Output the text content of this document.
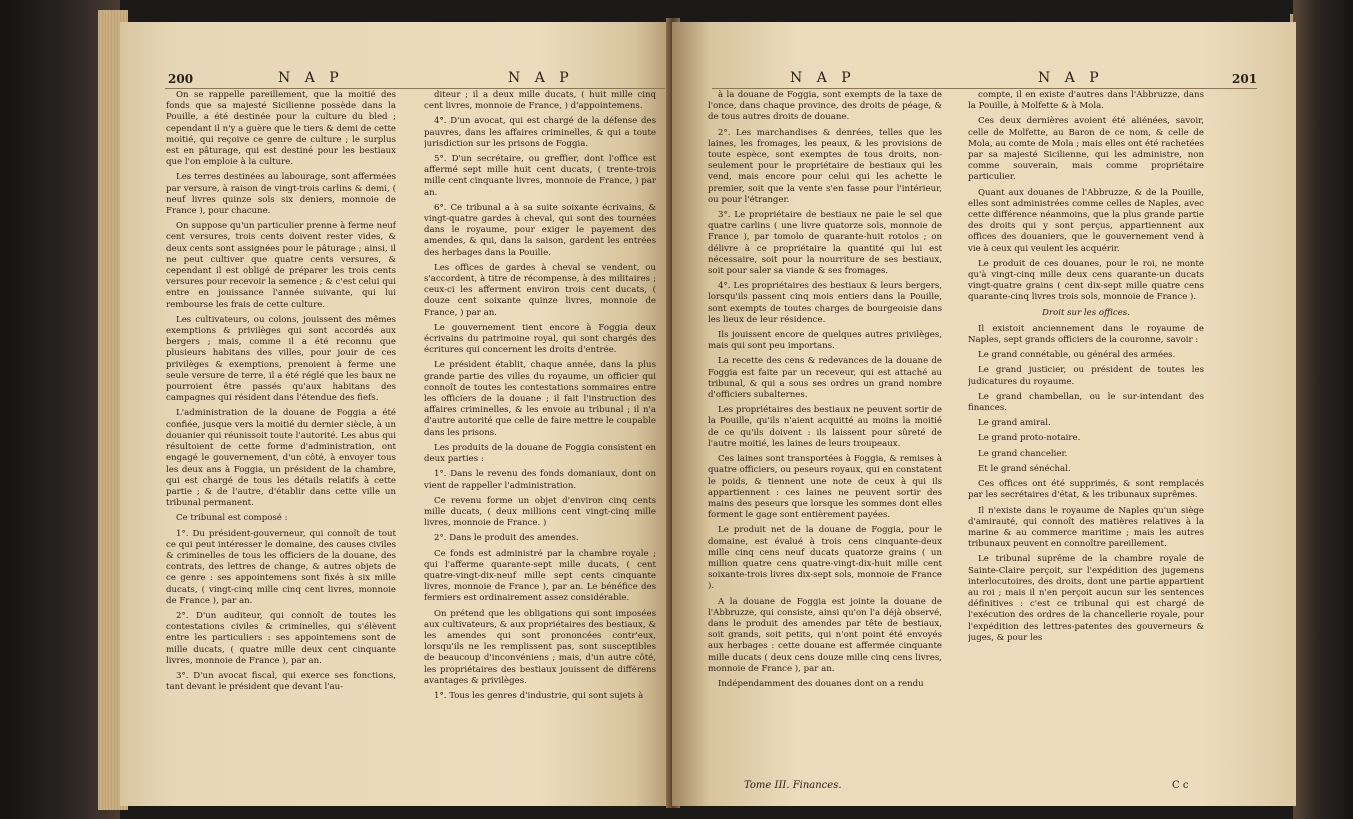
200	N A P	N A P

On se rappelle pareillement, que la moitié des fonds que sa majesté Sicilienne possède dans la Pouille, a été destinée pour la culture du bled ; cependant il n'y a guère que le tiers & demi de cette moitié, qui reçoive ce genre de culture ; le surplus est en pâturage, qui est destiné pour les bestiaux que l'on emploie à la culture.

Les terres destinées au labourage, sont affermées par versure, à raison de vingt-trois carlins & demi, ( neuf livres quinze sols six deniers, monnoie de France ), pour chacune.

On suppose qu'un particulier prenne à ferme neuf cent versures, trois cents doivent rester vides, & deux cents sont assignées pour le pâturage ; ainsi, il ne peut cultiver que quatre cents versures, & cependant il est obligé de préparer les trois cents versures pour recevoir la semence ; & c'est celui qui entre en jouissance l'année suivante, qui lui rembourse les frais de cette culture.

Les cultivateurs, ou colons, jouissent des mêmes exemptions & privilèges qui sont accordés aux bergers ; mais, comme il a été reconnu que plusieurs habitans des villes, pour jouir de ces privilèges & exemptions, prenoient à ferme une seule versure de terre, il a été réglé que les baux ne pourroient être passés qu'aux habitans des campagnes qui résident dans l'étendue des fiefs.

L'administration de la douane de Foggia a été confiée, jusque vers la moitié du dernier siècle, à un douanier qui réunissoit toute l'autorité. Les abus qui résultoient de cette forme d'administration, ont engagé le gouvernement, d'un côté, à envoyer tous les deux ans à Foggia, un président de la chambre, qui est chargé de tous les détails relatifs à cette partie ; & de l'autre, d'établir dans cette ville un tribunal permanent.

Ce tribunal est composé :

1°. Du président-gouverneur, qui connoît de tout ce qui peut intéresser le domaine, des causes civiles & criminelles de tous les officiers de la douane, des contrats, des lettres de change, & autres objets de ce genre : ses appointemens sont fixés à six mille ducats, ( vingt-cinq mille cinq cent livres, monnoie de France ), par an.

2°. D'un auditeur, qui connoît de toutes les contestations civiles & criminelles, qui s'élèvent entre les particuliers : ses appointemens sont de mille ducats, ( quatre mille deux cent cinquante livres, monnoie de France ), par an.

3°. D'un avocat fiscal, qui exerce ses fonctions, tant devant le président que devant l'au-

diteur ; il a deux mille ducats, ( huit mille cinq cent livres, monnoie de France, ) d'appointemens.

4°. D'un avocat, qui est chargé de la défense des pauvres, dans les affaires criminelles, & qui a toute jurisdiction sur les prisons de Foggia.

5°. D'un secrétaire, ou greffier, dont l'office est affermé sept mille huit cent ducats, ( trente-trois mille cent cinquante livres, monnoie de France, ) par an.

6°. Ce tribunal a à sa suite soixante écrivains, & vingt-quatre gardes à cheval, qui sont des tournées dans le royaume, pour exiger le payement des amendes, & qui, dans la saison, gardent les entrées des herbages dans la Pouille.

Les offices de gardes à cheval se vendent, ou s'accordent, à titre de récompense, à des militaires ; ceux-ci les afferment environ trois cent ducats, ( douze cent soixante quinze livres, monnoie de France, ) par an.

Le gouvernement tient encore à Foggia deux écrivains du patrimoine royal, qui sont chargés des écritures qui concernent les droits d'entrée.

Le président établit, chaque année, dans la plus grande partie des villes du royaume, un officier qui connoît de toutes les contestations sommaires entre les officiers de la douane ; il fait l'instruction des affaires criminelles, & les envoie au tribunal ; il n'a d'autre autorité que celle de faire mettre le coupable dans les prisons.

Les produits de la douane de Foggia consistent en deux parties :

1°. Dans le revenu des fonds domaniaux, dont on vient de rappeller l'administration.

Ce revenu forme un objet d'environ cinq cents mille ducats, ( deux millions cent vingt-cinq mille livres, monnoie de France. )

2°. Dans le produit des amendes.

Ce fonds est administré par la chambre royale ; qui l'afferme quarante-sept mille ducats, ( cent quatre-vingt-dix-neuf mille sept cents cinquante livres, monnoie de France ), par an. Le bénéfice des fermiers est ordinairement assez considérable.

On prétend que les obligations qui sont imposées aux cultivateurs, & aux propriétaires des bestiaux, & les amendes qui sont prononcées contr'eux, lorsqu'ils ne les remplissent pas, sont susceptibles de beaucoup d'inconvéniens ; mais, d'un autre côté, les propriétaires des bestiaux jouissent de différens avantages & privilèges.

1°. Tous les genres d'industrie, qui sont sujets à

N A P	N A P	201

à la douane de Foggia, sont exempts de la taxe de l'once, dans chaque province, des droits de péage, & de tous autres droits de douane.

2°. Les marchandises & denrées, telles que les laines, les fromages, les peaux, & les provisions de toute espèce, sont exemptes de tous droits, non-seulement pour le propriétaire de bestiaux qui les vend, mais encore pour celui qui les achette le premier, soit que la vente s'en fasse pour l'intérieur, ou pour l'étranger.

3°. Le propriétaire de bestiaux ne paie le sel que quatre carlins ( une livre quatorze sols, monnoie de France ), par tomolo de quarante-huit rotolos ; on délivre à ce propriétaire la quantité qui lui est nécessaire, soit pour la nourriture de ses bestiaux, soit pour saler sa viande & ses fromages.

4°. Les propriétaires des bestiaux & leurs bergers, lorsqu'ils passent cinq mois entiers dans la Pouille, sont exempts de toutes charges de bourgeoisie dans les lieux de leur résidence.

Ils jouissent encore de quelques autres privilèges, mais qui sont peu importans.

La recette des cens & redevances de la douane de Foggia est faite par un receveur, qui est attaché au tribunal, & qui a sous ses ordres un grand nombre d'officiers subalternes.

Les propriétaires des bestiaux ne peuvent sortir de la Pouille, qu'ils n'aient acquitté au moins la moitié de ce qu'ils doivent : ils laissent pour sûreté de l'autre moitié, les laines de leurs troupeaux.

Ces laines sont transportées à Foggia, & remises à quatre officiers, ou peseurs royaux, qui en constatent le poids, & tiennent une note de ceux à qui ils appartiennent : ces laines ne peuvent sortir des mains des peseurs que lorsque les sommes dont elles forment le gage sont entièrement payées.

Le produit net de la douane de Foggia, pour le domaine, est évalué à trois cens cinquante-deux mille cinq cens neuf ducats quatorze grains ( un million quatre cens quatre-vingt-dix-huit mille cent soixante-trois livres dix-sept sols, monnoie de France ).

A la douane de Foggia est jointe la douane de l'Abbruzze, qui consiste, ainsi qu'on l'a déjà observé, dans le produit des amendes par tête de bestiaux, soit grands, soit petits, qui n'ont point été envoyés aux herbages : cette douane est affermée cinquante mille ducats ( deux cens douze mille cinq cens livres, monnoie de France ), par an.

Indépendamment des douanes dont on a rendu

compte, il en existe d'autres dans l'Abbruzze, dans la Pouille, à Molfette & à Mola.

Ces deux dernières avoient été aliénées, savoir, celle de Molfette, au Baron de ce nom, & celle de Mola, au comte de Mola ; mais elles ont été rachetées par sa majesté Sicilienne, qui les administre, non comme souverain, mais comme propriétaire particulier.

Quant aux douanes de l'Abbruzze, & de la Pouille, elles sont administrées comme celles de Naples, avec cette différence néanmoins, que la plus grande partie des droits qui y sont perçus, appartiennent aux offices des douaniers, que le gouvernement vend à vie à ceux qui veulent les acquérir.

Le produit de ces douanes, pour le roi, ne monte qu'à vingt-cinq mille deux cens quarante-un ducats vingt-quatre grains ( cent dix-sept mille quatre cens quarante-cinq livres trois sols, monnoie de France ).

Droit sur les offices.

Il existoit anciennement dans le royaume de Naples, sept grands officiers de la couronne, savoir :

Le grand connétable, ou général des armées.

Le grand justicier, ou président de toutes les judicatures du royaume.

Le grand chambellan, ou le sur-intendant des finances.

Le grand amiral.

Le grand proto-notaire.

Le grand chancelier.

Et le grand sénéchal.

Ces offices ont été supprimés, & sont remplacés par les secrétaires d'état, & les tribunaux suprêmes.

Il n'existe dans le royaume de Naples qu'un siège d'amirauté, qui connoît des matières relatives à la marine & au commerce maritime ; mais les autres tribunaux peuvent en connoître pareillement.

Le tribunal suprême de la chambre royale de Sainte-Claire perçoit, sur l'expédition des jugemens interlocutoires, des droits, dont une partie appartient au roi ; mais il n'en perçoit aucun sur les sentences définitives : c'est ce tribunal qui est chargé de l'exécution des ordres de la chancellerie royale, pour l'expédition des lettres-patentes des gouverneurs & juges, & pour les

Tome III. Finances.	C c
